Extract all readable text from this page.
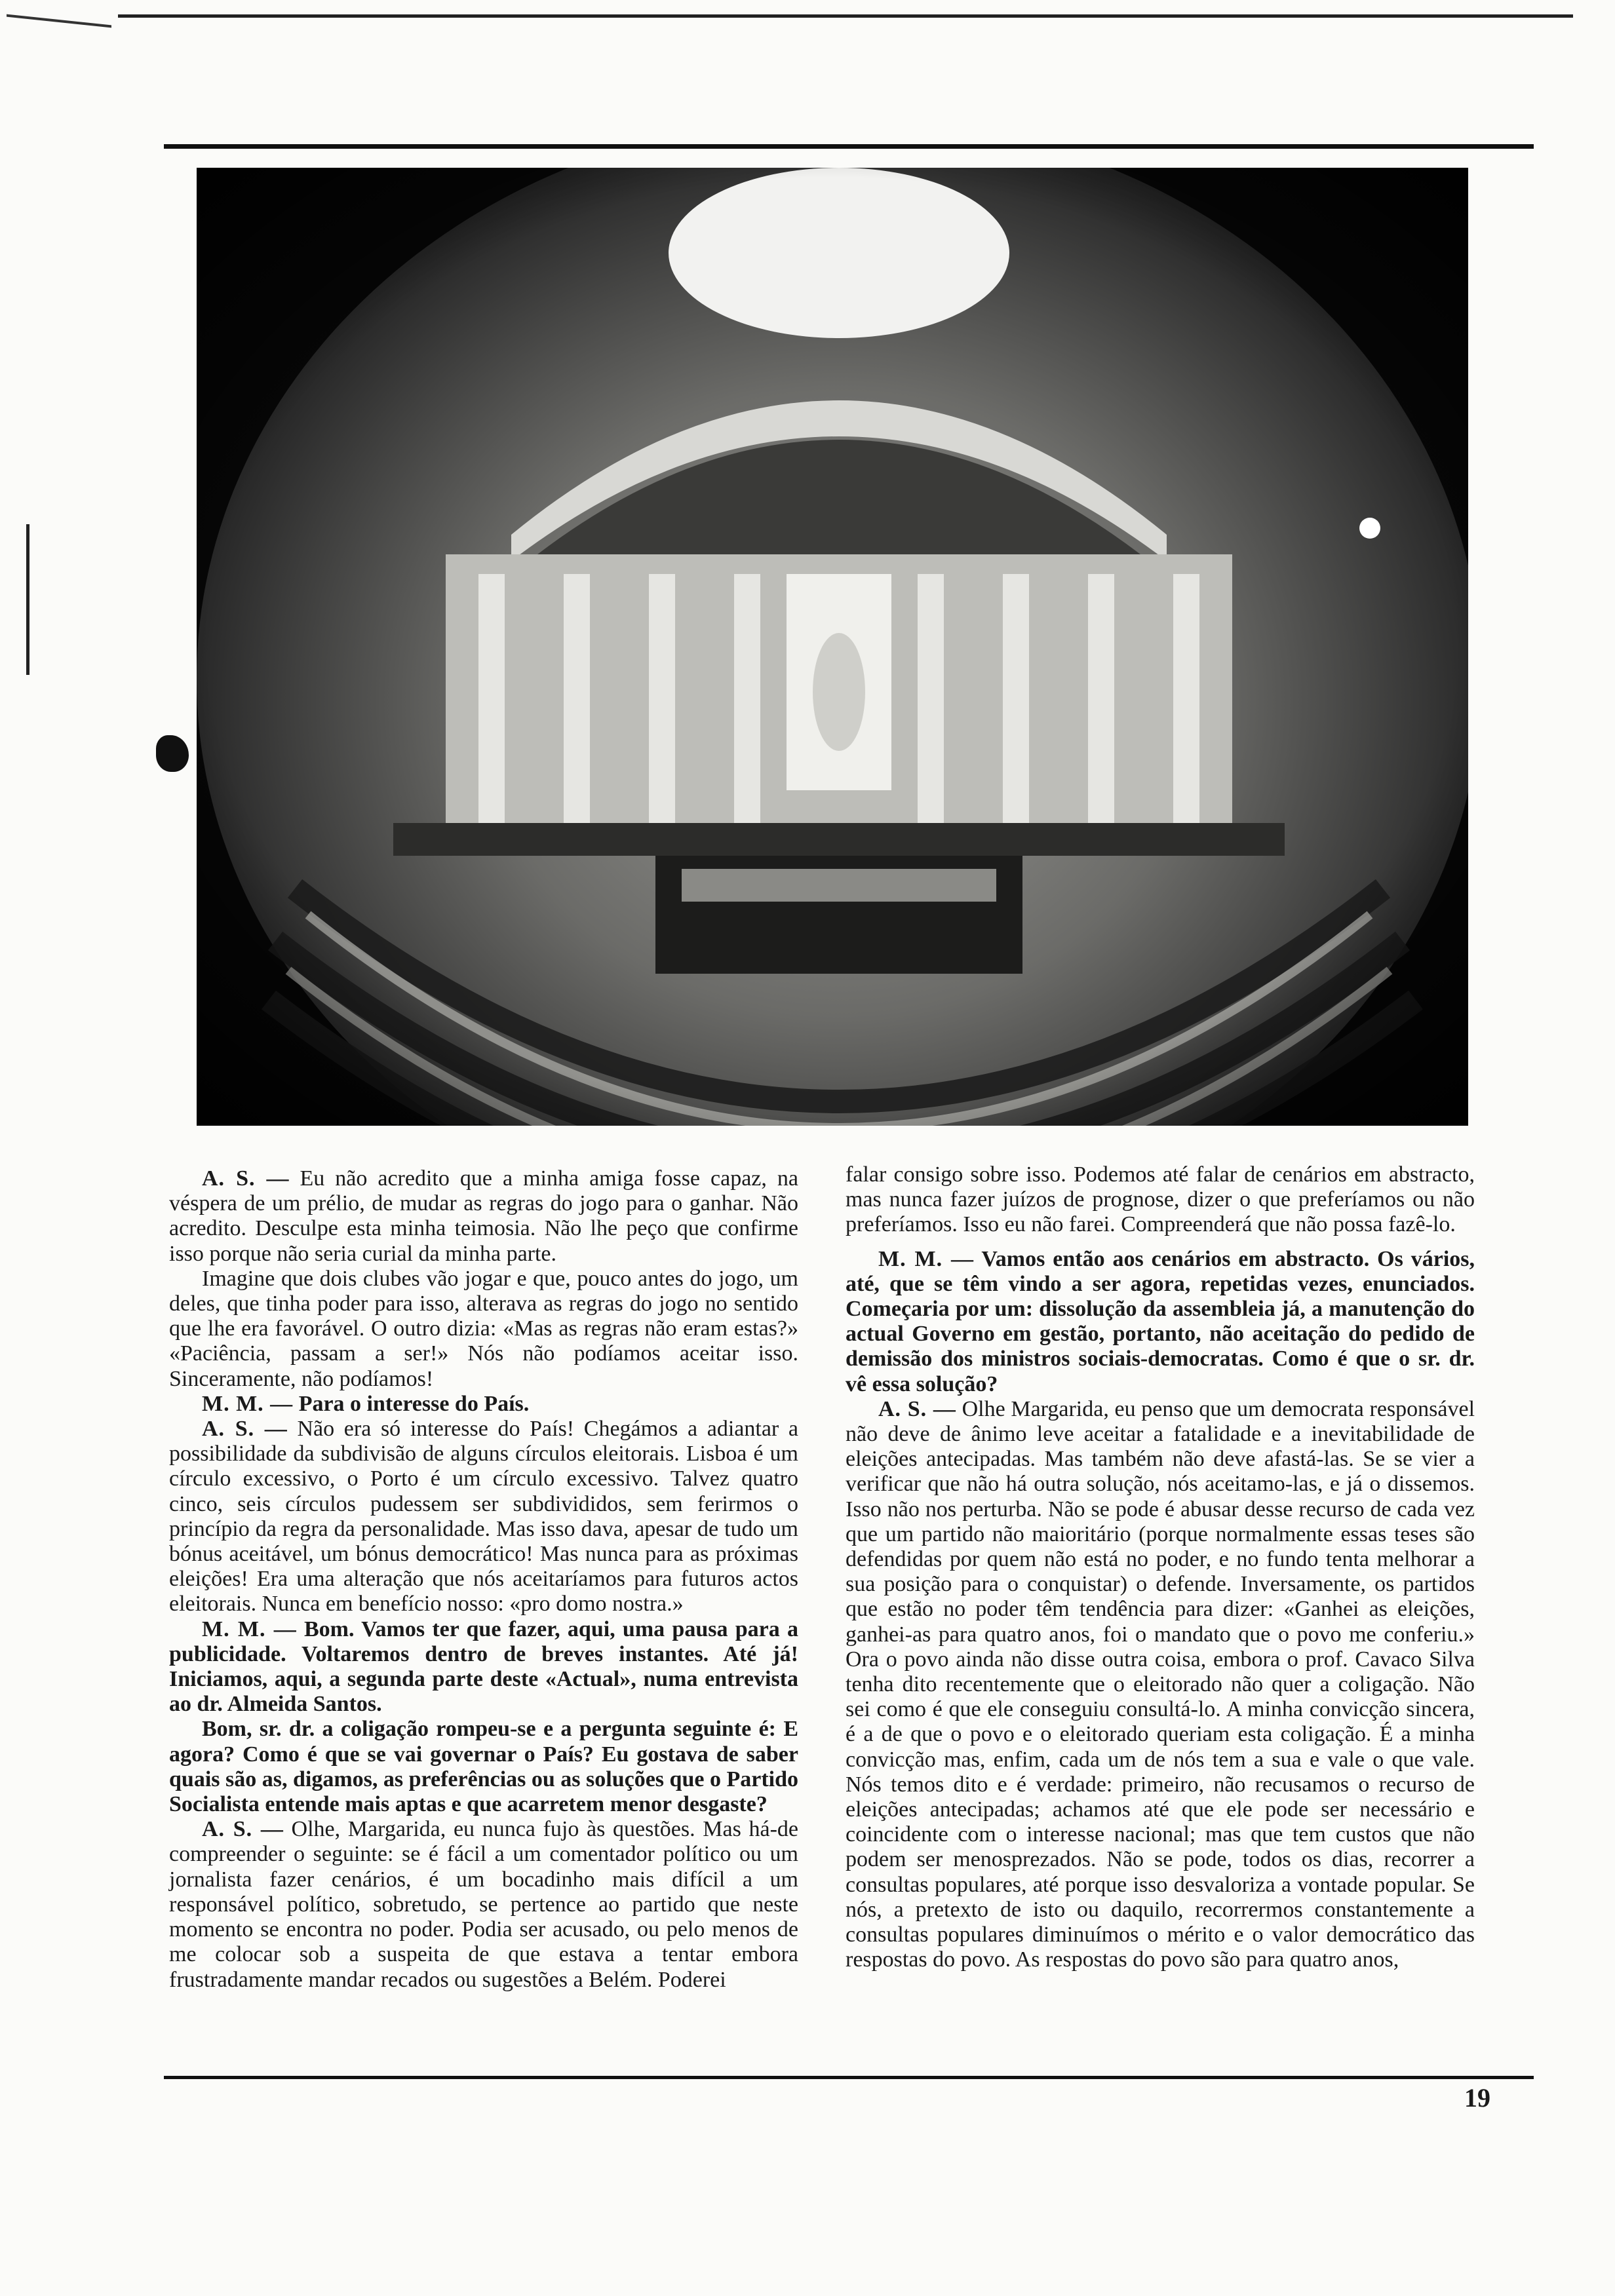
A. S. — Eu não acredito que a minha amiga fosse capaz, na véspera de um prélio, de mudar as regras do jogo para o ganhar. Não acredito. Desculpe esta minha teimosia. Não lhe peço que confirme isso porque não seria curial da minha parte.

Imagine que dois clubes vão jogar e que, pouco antes do jogo, um deles, que tinha poder para isso, alterava as regras do jogo no sentido que lhe era favorável. O outro dizia: «Mas as regras não eram estas?» «Paciência, passam a ser!» Nós não podíamos aceitar isso. Sinceramente, não podíamos!

M. M. — Para o interesse do País.

A. S. — Não era só interesse do País! Chegámos a adiantar a possibilidade da subdivisão de alguns círculos eleitorais. Lisboa é um círculo excessivo, o Porto é um círculo excessivo. Talvez quatro cinco, seis círculos pudessem ser subdivididos, sem ferirmos o princípio da regra da personalidade. Mas isso dava, apesar de tudo um bónus aceitável, um bónus democrático! Mas nunca para as próximas eleições! Era uma alteração que nós aceitaríamos para futuros actos eleitorais. Nunca em benefício nosso: «pro domo nostra.»

M. M. — Bom. Vamos ter que fazer, aqui, uma pausa para a publicidade. Voltaremos dentro de breves instantes. Até já! Iniciamos, aqui, a segunda parte deste «Actual», numa entrevista ao dr. Almeida Santos.

Bom, sr. dr. a coligação rompeu-se e a pergunta seguinte é: E agora? Como é que se vai governar o País? Eu gostava de saber quais são as, digamos, as preferências ou as soluções que o Partido Socialista entende mais aptas e que acarretem menor desgaste?

A. S. — Olhe, Margarida, eu nunca fujo às questões. Mas há-de compreender o seguinte: se é fácil a um comentador político ou um jornalista fazer cenários, é um bocadinho mais difícil a um responsável político, sobretudo, se pertence ao partido que neste momento se encontra no poder. Podia ser acusado, ou pelo menos de me colocar sob a suspeita de que estava a tentar embora frustradamente mandar recados ou sugestões a Belém. Poderei

falar consigo sobre isso. Podemos até falar de cenários em abstracto, mas nunca fazer juízos de prognose, dizer o que preferíamos ou não preferíamos. Isso eu não farei. Compreenderá que não possa fazê-lo.

M. M. — Vamos então aos cenários em abstracto. Os vários, até, que se têm vindo a ser agora, repetidas vezes, enunciados. Começaria por um: dissolução da assembleia já, a manutenção do actual Governo em gestão, portanto, não aceitação do pedido de demissão dos ministros sociais-democratas. Como é que o sr. dr. vê essa solução?

A. S. — Olhe Margarida, eu penso que um democrata responsável não deve de ânimo leve aceitar a fatalidade e a inevitabilidade de eleições antecipadas. Mas também não deve afastá-las. Se se vier a verificar que não há outra solução, nós aceitamo-las, e já o dissemos. Isso não nos perturba. Não se pode é abusar desse recurso de cada vez que um partido não maioritário (porque normalmente essas teses são defendidas por quem não está no poder, e no fundo tenta melhorar a sua posição para o conquistar) o defende. Inversamente, os partidos que estão no poder têm tendência para dizer: «Ganhei as eleições, ganhei-as para quatro anos, foi o mandato que o povo me conferiu.» Ora o povo ainda não disse outra coisa, embora o prof. Cavaco Silva tenha dito recentemente que o eleitorado não quer a coligação. Não sei como é que ele conseguiu consultá-lo. A minha convicção sincera, é a de que o povo e o eleitorado queriam esta coligação. É a minha convicção mas, enfim, cada um de nós tem a sua e vale o que vale. Nós temos dito e é verdade: primeiro, não recusamos o recurso de eleições antecipadas; achamos até que ele pode ser necessário e coincidente com o interesse nacional; mas que tem custos que não podem ser menosprezados. Não se pode, todos os dias, recorrer a consultas populares, até porque isso desvaloriza a vontade popular. Se nós, a pretexto de isto ou daquilo, recorrermos constantemente a consultas populares diminuímos o mérito e o valor democrático das respostas do povo. As respostas do povo são para quatro anos,

19
